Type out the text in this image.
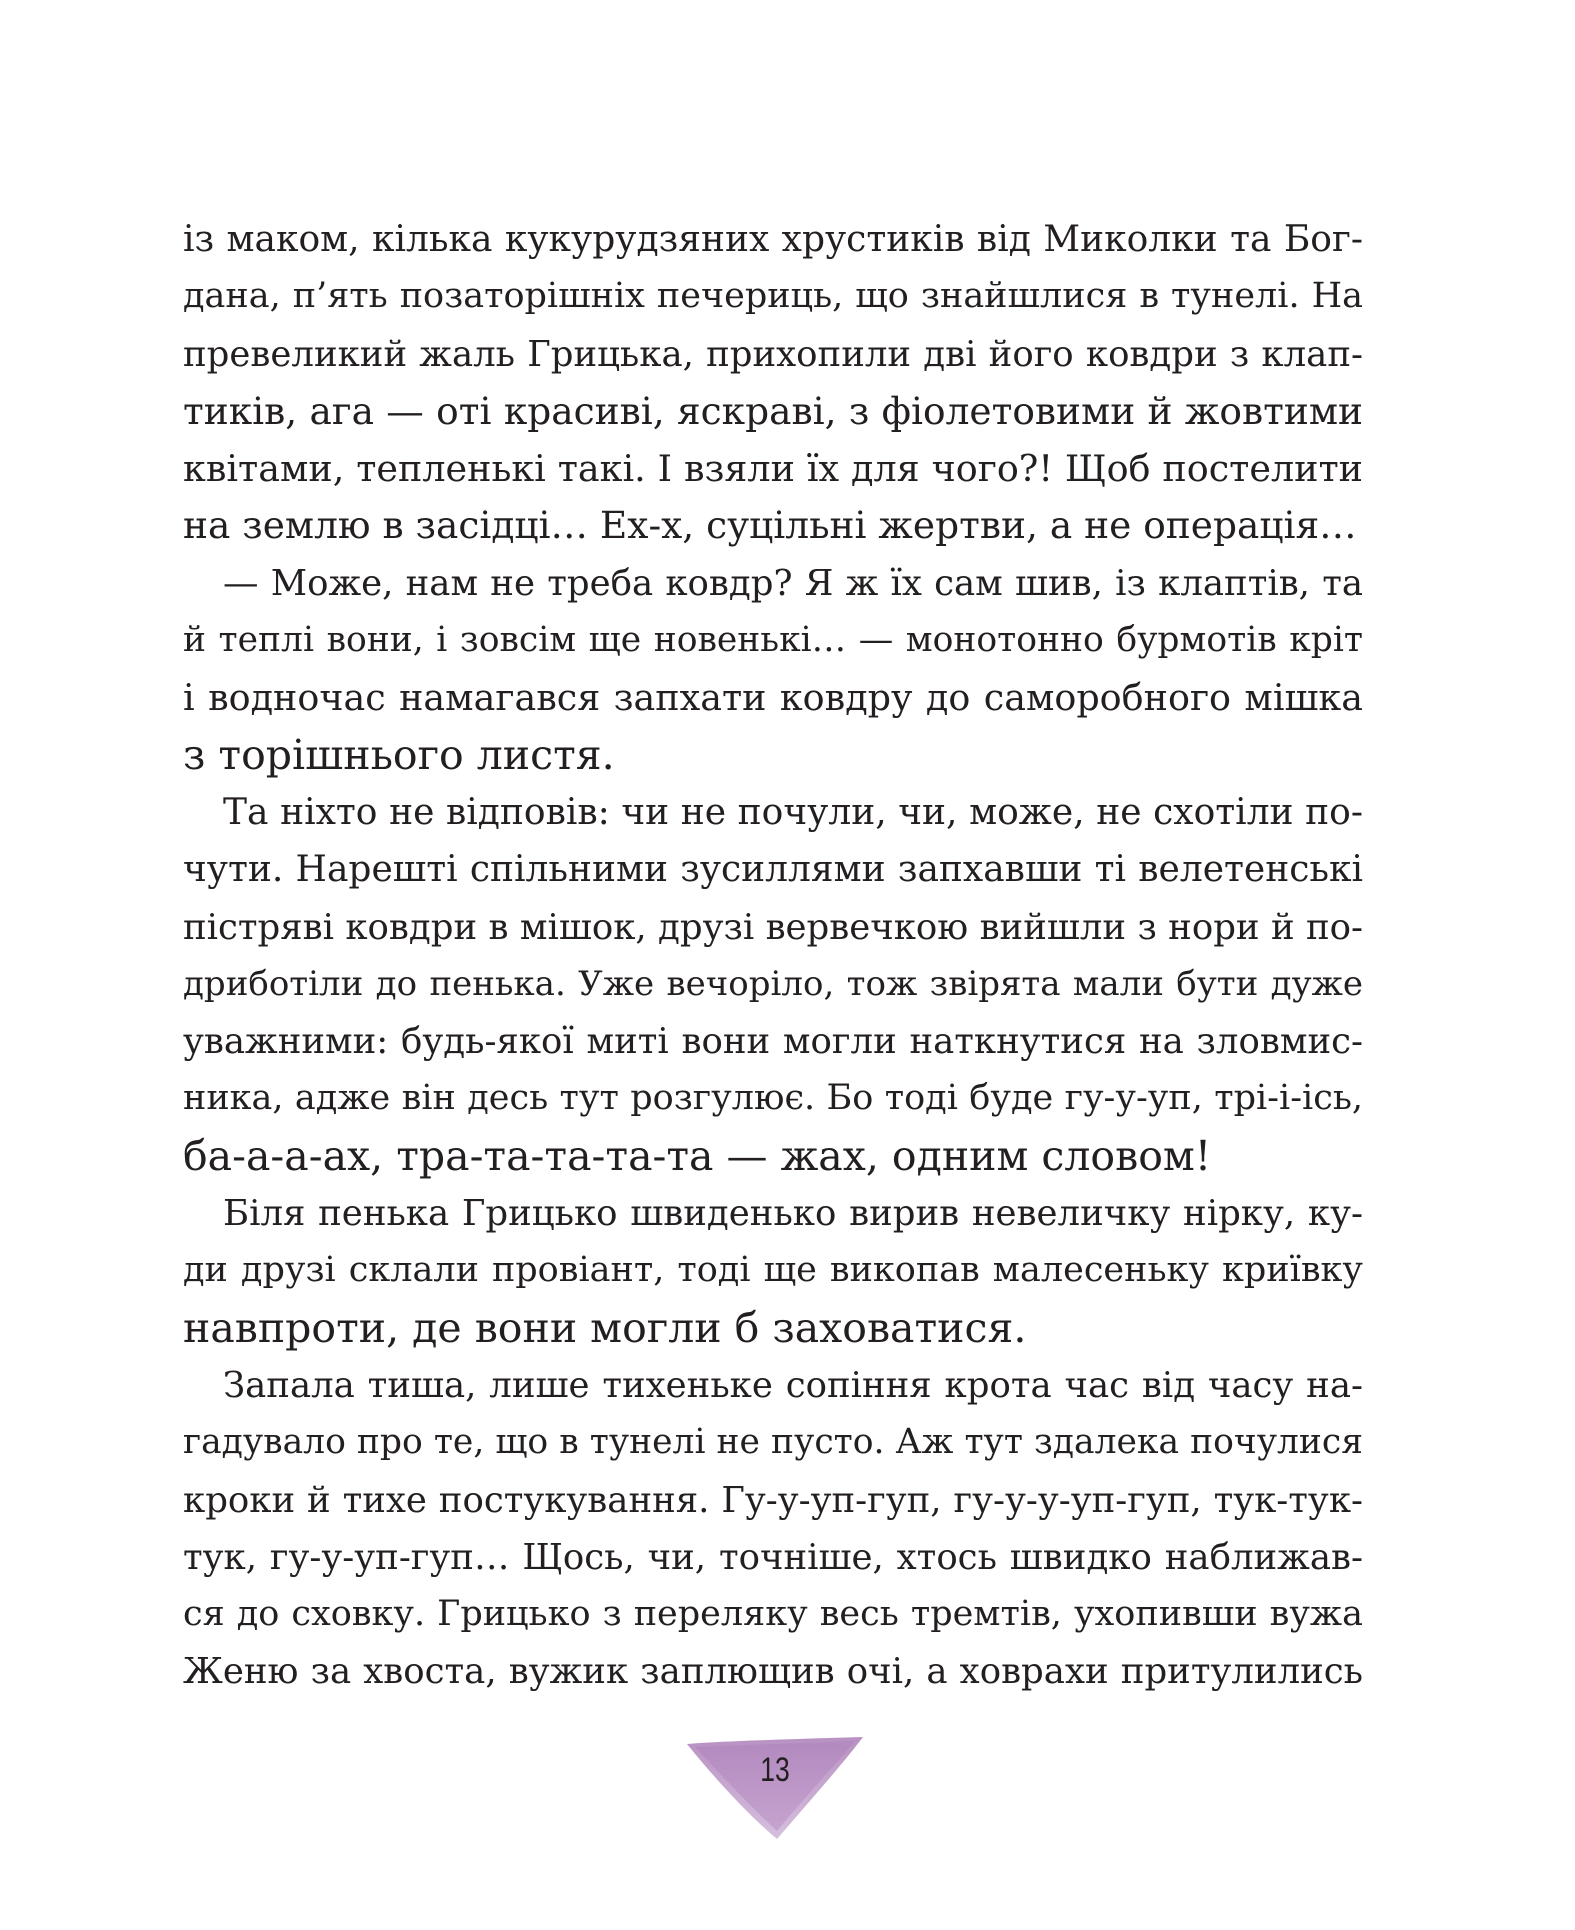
із маком, кілька кукурудзяних хрустиків від Миколки та Бог-
дана, п’ять позаторішніх печериць, що знайшлися в тунелі. На
превеликий жаль Грицька, прихопили дві його ковдри з клап-
тиків, ага — оті красиві, яскраві, з фіолетовими й жовтими
квітами, тепленькі такі. І взяли їх для чого?! Щоб постелити
на землю в засідці… Ех-х, суцільні жертви, а не операція…
— Може, нам не треба ковдр? Я ж їх сам шив, із клаптів, та
й теплі вони, і зовсім ще новенькі… — монотонно бурмотів кріт
і водночас намагався запхати ковдру до саморобного мішка
з торішнього листя.
Та ніхто не відповів: чи не почули, чи, може, не схотіли по-
чути. Нарешті спільними зусиллями запхавши ті велетенські
пістряві ковдри в мішок, друзі вервечкою вийшли з нори й по-
дриботіли до пенька. Уже вечоріло, тож звірята мали бути дуже
уважними: будь-якої миті вони могли наткнутися на зловмис-
ника, адже він десь тут розгулює. Бо тоді буде гу-у-уп, трі-і-ісь,
ба-а-а-ах, тра-та-та-та-та — жах, одним словом!
Біля пенька Грицько швиденько вирив невеличку нірку, ку-
ди друзі склали провіант, тоді ще викопав малесеньку криївку
навпроти, де вони могли б заховатися.
Запала тиша, лише тихеньке сопіння крота час від часу на-
гадувало про те, що в тунелі не пусто. Аж тут здалека почулися
кроки й тихе постукування. Гу-у-уп-гуп, гу-у-у-уп-гуп, тук-тук-
тук, гу-у-уп-гуп… Щось, чи, точніше, хтось швидко наближав-
ся до сховку. Грицько з переляку весь тремтів, ухопивши вужа
Женю за хвоста, вужик заплющив очі, а ховрахи притулились
13
